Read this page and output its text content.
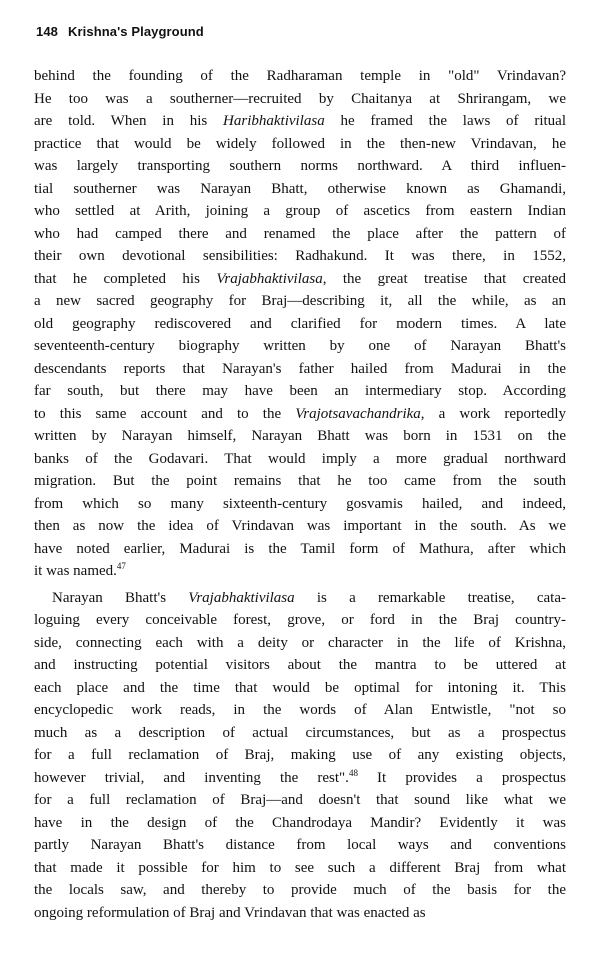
148 Krishna's Playground

behind the founding of the Radharaman temple in "old" Vrindavan?
He too was a southerner—recruited by Chaitanya at Shrirangam, we
are told. When in his Haribhaktivilasa he framed the laws of ritual
practice that would be widely followed in the then-new Vrindavan, he
was largely transporting southern norms northward. A third influen-
tial southerner was Narayan Bhatt, otherwise known as Ghamandi,
who settled at Arith, joining a group of ascetics from eastern Indian
who had camped there and renamed the place after the pattern of
their own devotional sensibilities: Radhakund. It was there, in 1552,
that he completed his Vrajabhaktivilasa, the great treatise that created
a new sacred geography for Braj—describing it, all the while, as an
old geography rediscovered and clarified for modern times. A late
seventeenth-century biography written by one of Narayan Bhatt's
descendants reports that Narayan's father hailed from Madurai in the
far south, but there may have been an intermediary stop. According
to this same account and to the Vrajotsavachandrika, a work reportedly
written by Narayan himself, Narayan Bhatt was born in 1531 on the
banks of the Godavari. That would imply a more gradual northward
migration. But the point remains that he too came from the south
from which so many sixteenth-century gosvamis hailed, and indeed,
then as now the idea of Vrindavan was important in the south. As we
have noted earlier, Madurai is the Tamil form of Mathura, after which
it was named.$^{47}$

Narayan Bhatt's Vrajabhaktivilasa is a remarkable treatise, cata-
loguing every conceivable forest, grove, or ford in the Braj country-
side, connecting each with a deity or character in the life of Krishna,
and instructing potential visitors about the mantra to be uttered at
each place and the time that would be optimal for intoning it. This
encyclopedic work reads, in the words of Alan Entwistle, "not so
much as a description of actual circumstances, but as a prospectus
for a full reclamation of Braj, making use of any existing objects,
however trivial, and inventing the rest".$^{48}$ It provides a prospectus
for a full reclamation of Braj—and doesn't that sound like what we
have in the design of the Chandrodaya Mandir? Evidently it was
partly Narayan Bhatt's distance from local ways and conventions
that made it possible for him to see such a different Braj from what
the locals saw, and thereby to provide much of the basis for the
ongoing reformulation of Braj and Vrindavan that was enacted as
